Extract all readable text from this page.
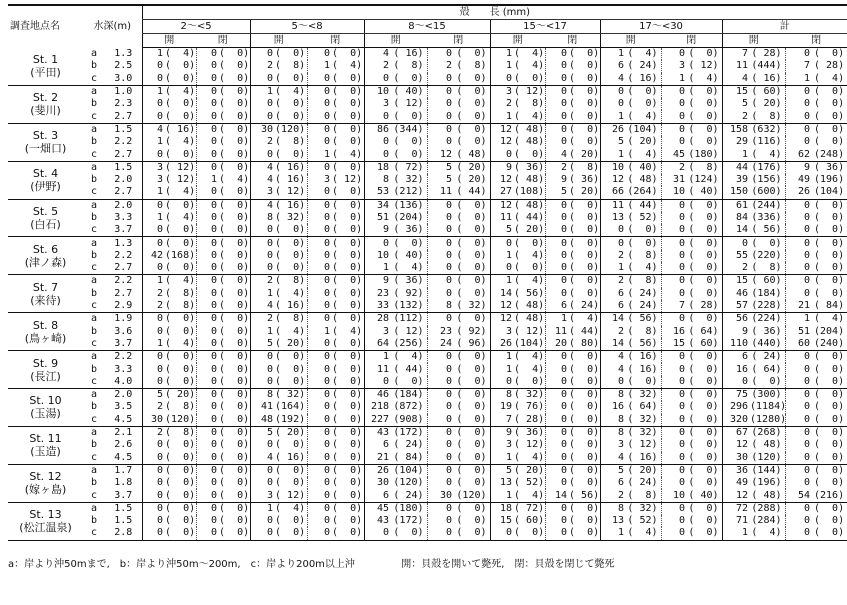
調査地点名	水深(m)		殻　　長 (mm)																							
			2～<5				5～<8				8～<15				15～<17				17～<30				計			
			開		閉		開		閉		開		閉		開		閉		開		閉		開		閉	

St. 1
(平田)	a	1.3	1	(  4)	0	(  0)	0	(  0)	0	(  0)	4	( 16)	0	(  0)	1	(  4)	0	(  0)	1	(  4)	0	(  0)	7	( 28)	0	(  0)
	b	2.5	0	(  0)	0	(  0)	2	(  8)	1	(  4)	2	(  8)	2	(  8)	1	(  4)	0	(  0)	6	( 24)	3	( 12)	11	(444)	7	( 28)
	c	3.0	0	(  0)	0	(  0)	0	(  0)	0	(  0)	0	(  0)	0	(  0)	0	(  0)	0	(  0)	4	( 16)	1	(  4)	4	( 16)	1	(  4)

St. 2
(斐川)	a	1.0	1	(  4)	0	(  0)	1	(  4)	0	(  0)	10	( 40)	0	(  0)	3	( 12)	0	(  0)	0	(  0)	0	(  0)	15	( 60)	0	(  0)
	b	2.3	0	(  0)	0	(  0)	0	(  0)	0	(  0)	3	( 12)	0	(  0)	2	(  8)	0	(  0)	0	(  0)	0	(  0)	5	( 20)	0	(  0)
	c	2.7	0	(  0)	0	(  0)	0	(  0)	0	(  0)	0	(  0)	0	(  0)	1	(  4)	0	(  0)	1	(  4)	0	(  0)	2	(  8)	0	(  0)

St. 3
(一畑口)	a	1.5	4	( 16)	0	(  0)	30	(120)	0	(  0)	86	(344)	0	(  0)	12	( 48)	0	(  0)	26	(104)	0	(  0)	158	(632)	0	(  0)
	b	2.2	1	(  4)	0	(  0)	2	(  8)	0	(  0)	0	(  0)	0	(  0)	12	( 48)	0	(  0)	5	( 20)	0	(  0)	29	(116)	0	(  0)
	c	2.7	0	(  0)	0	(  0)	0	(  0)	1	(  4)	0	(  0)	12	( 48)	0	(  0)	4	( 20)	1	(  4)	45	(180)	1	(  4)	62	(248)

St. 4
(伊野)	a	1.5	3	( 12)	0	(  0)	4	( 16)	0	(  0)	18	( 72)	5	( 20)	9	( 36)	2	(  8)	10	( 40)	2	(  8)	44	(176)	9	( 36)
	b	2.0	3	( 12)	1	(  4)	4	( 16)	3	( 12)	8	( 32)	5	( 20)	12	( 48)	9	( 36)	12	( 48)	31	(124)	39	(156)	49	(196)
	c	2.7	1	(  4)	0	(  0)	3	( 12)	0	(  0)	53	(212)	11	( 44)	27	(108)	5	( 20)	66	(264)	10	( 40)	150	(600)	26	(104)

St. 5
(白石)	a	2.0	0	(  0)	0	(  0)	4	( 16)	0	(  0)	34	(136)	0	(  0)	12	( 48)	0	(  0)	11	( 44)	0	(  0)	61	(244)	0	(  0)
	b	3.3	1	(  4)	0	(  0)	8	( 32)	0	(  0)	51	(204)	0	(  0)	11	( 44)	0	(  0)	13	( 52)	0	(  0)	84	(336)	0	(  0)
	c	3.7	0	(  0)	0	(  0)	0	(  0)	0	(  0)	9	( 36)	0	(  0)	5	( 20)	0	(  0)	0	(  0)	0	(  0)	14	( 56)	0	(  0)

St. 6
(津ノ森)	a	1.3	0	(  0)	0	(  0)	0	(  0)	0	(  0)	0	(  0)	0	(  0)	0	(  0)	0	(  0)	0	(  0)	0	(  0)	0	(  0)	0	(  0)
	b	2.2	42	(168)	0	(  0)	0	(  0)	0	(  0)	10	( 40)	0	(  0)	1	(  4)	0	(  0)	2	(  8)	0	(  0)	55	(220)	0	(  0)
	c	2.7	0	(  0)	0	(  0)	0	(  0)	0	(  0)	1	(  4)	0	(  0)	0	(  0)	0	(  0)	1	(  4)	0	(  0)	2	(  8)	0	(  0)

St. 7
(来待)	a	2.2	1	(  4)	0	(  0)	2	(  8)	0	(  0)	9	( 36)	0	(  0)	1	(  4)	0	(  0)	2	(  8)	0	(  0)	15	( 60)	0	(  0)
	b	2.7	2	(  8)	0	(  0)	1	(  4)	0	(  0)	23	( 92)	0	(  0)	14	( 56)	0	(  0)	6	( 24)	0	(  0)	46	(184)	0	(  0)
	c	2.9	2	(  8)	0	(  0)	4	( 16)	0	(  0)	33	(132)	8	( 32)	12	( 48)	6	( 24)	6	( 24)	7	( 28)	57	(228)	21	( 84)

St. 8
(鳥ヶ崎)	a	1.9	0	(  0)	0	(  0)	2	(  8)	0	(  0)	28	(112)	0	(  0)	12	( 48)	1	(  4)	14	( 56)	0	(  0)	56	(224)	1	(  4)
	b	3.6	0	(  0)	0	(  0)	1	(  4)	1	(  4)	3	( 12)	23	( 92)	3	( 12)	11	( 44)	2	(  8)	16	( 64)	9	( 36)	51	(204)
	c	3.7	1	(  4)	0	(  0)	5	( 20)	0	(  0)	64	(256)	24	( 96)	26	(104)	20	( 80)	14	( 56)	15	( 60)	110	(440)	60	(240)

St. 9
(長江)	a	2.2	0	(  0)	0	(  0)	0	(  0)	0	(  0)	1	(  4)	0	(  0)	1	(  4)	0	(  0)	4	( 16)	0	(  0)	6	( 24)	0	(  0)
	b	3.3	0	(  0)	0	(  0)	0	(  0)	0	(  0)	11	( 44)	0	(  0)	1	(  4)	0	(  0)	4	( 16)	0	(  0)	16	( 64)	0	(  0)
	c	4.0	0	(  0)	0	(  0)	0	(  0)	0	(  0)	0	(  0)	0	(  0)	0	(  0)	0	(  0)	0	(  0)	0	(  0)	0	(  0)	0	(  0)

St. 10
(玉湯)	a	2.0	5	( 20)	0	(  0)	8	( 32)	0	(  0)	46	(184)	0	(  0)	8	( 32)	0	(  0)	8	( 32)	0	(  0)	75	(300)	0	(  0)
	b	3.5	2	(  8)	0	(  0)	41	(164)	0	(  0)	218	(872)	0	(  0)	19	( 76)	0	(  0)	16	( 64)	0	(  0)	296	(1184)	0	(  0)
	c	4.5	30	(120)	0	(  0)	48	(192)	0	(  0)	227	(908)	0	(  0)	7	( 28)	0	(  0)	8	( 32)	0	(  0)	320	(1280)	0	(  0)

St. 11
(玉造)	a	2.1	2	(  8)	0	(  0)	5	( 20)	0	(  0)	43	(172)	0	(  0)	9	( 36)	0	(  0)	8	( 32)	0	(  0)	67	(268)	0	(  0)
	b	2.6	0	(  0)	0	(  0)	0	(  0)	0	(  0)	6	( 24)	0	(  0)	3	( 12)	0	(  0)	3	( 12)	0	(  0)	12	( 48)	0	(  0)
	c	4.5	0	(  0)	0	(  0)	4	( 16)	0	(  0)	21	( 84)	0	(  0)	1	(  4)	0	(  0)	4	( 16)	0	(  0)	30	(120)	0	(  0)

St. 12
(嫁ヶ島)	a	1.7	0	(  0)	0	(  0)	0	(  0)	0	(  0)	26	(104)	0	(  0)	5	( 20)	0	(  0)	5	( 20)	0	(  0)	36	(144)	0	(  0)
	b	1.8	0	(  0)	0	(  0)	0	(  0)	0	(  0)	30	(120)	0	(  0)	13	( 52)	0	(  0)	6	( 24)	0	(  0)	49	(196)	0	(  0)
	c	3.7	0	(  0)	0	(  0)	3	( 12)	0	(  0)	6	( 24)	30	(120)	1	(  4)	14	( 56)	2	(  8)	10	( 40)	12	( 48)	54	(216)

St. 13
(松江温泉)	a	1.5	0	(  0)	0	(  0)	1	(  4)	0	(  0)	45	(180)	0	(  0)	18	( 72)	0	(  0)	8	( 32)	0	(  0)	72	(288)	0	(  0)
	b	1.5	0	(  0)	0	(  0)	0	(  0)	0	(  0)	43	(172)	0	(  0)	15	( 60)	0	(  0)	13	( 52)	0	(  0)	71	(284)	0	(  0)
	c	2.8	0	(  0)	0	(  0)	0	(  0)	0	(  0)	0	(  0)	0	(  0)	0	(  0)	0	(  0)	1	(  4)	0	(  0)	1	(  4)	0	(  0)
a：岸より沖50mまで,　b：岸より沖50m～200m,　c：岸より200m以上沖	開：貝殻を開いて斃死,　閉：貝殻を閉じて斃死
